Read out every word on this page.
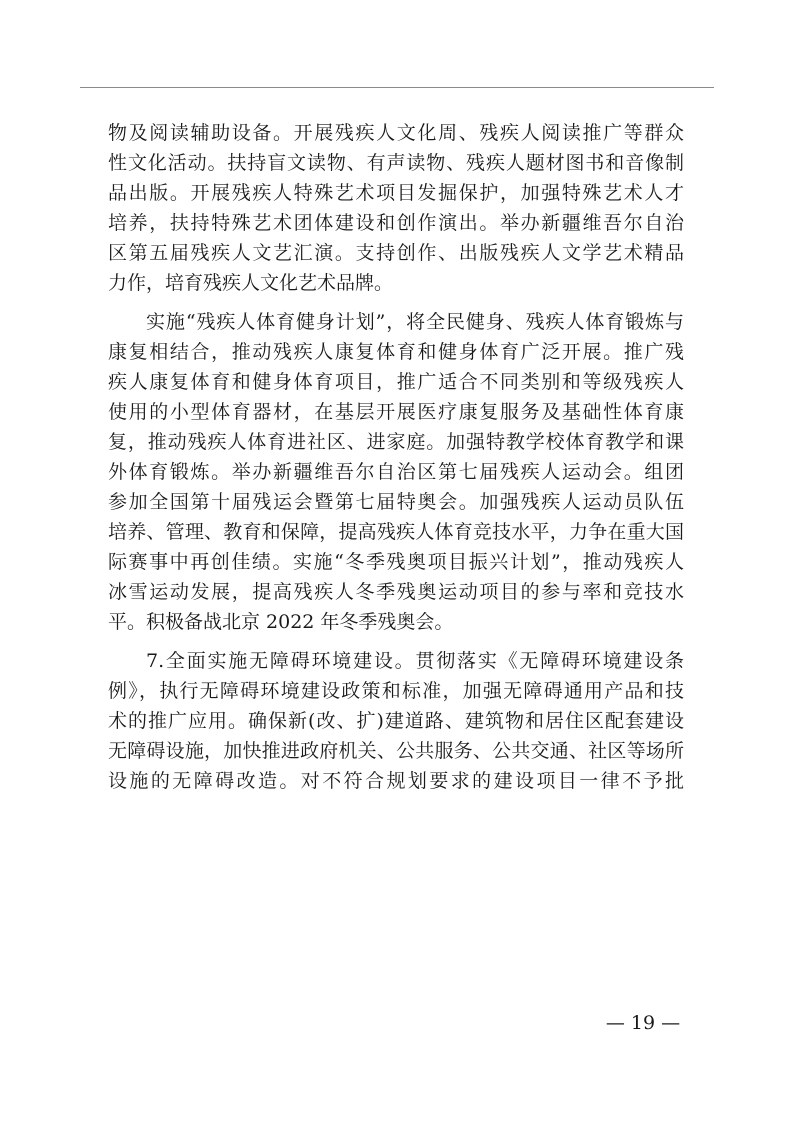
物及阅读辅助设备。开展残疾人文化周、残疾人阅读推广等群众
性文化活动。扶持盲文读物、有声读物、残疾人题材图书和音像制
品出版。开展残疾人特殊艺术项目发掘保护，加强特殊艺术人才
培养，扶持特殊艺术团体建设和创作演出。举办新疆维吾尔自治
区第五届残疾人文艺汇演。支持创作、出版残疾人文学艺术精品
力作，培育残疾人文化艺术品牌。
实施“残疾人体育健身计划”，将全民健身、残疾人体育锻炼与
康复相结合，推动残疾人康复体育和健身体育广泛开展。推广残
疾人康复体育和健身体育项目，推广适合不同类别和等级残疾人
使用的小型体育器材，在基层开展医疗康复服务及基础性体育康
复，推动残疾人体育进社区、进家庭。加强特教学校体育教学和课
外体育锻炼。举办新疆维吾尔自治区第七届残疾人运动会。组团
参加全国第十届残运会暨第七届特奥会。加强残疾人运动员队伍
培养、管理、教育和保障，提高残疾人体育竞技水平，力争在重大国
际赛事中再创佳绩。实施“冬季残奥项目振兴计划”，推动残疾人
冰雪运动发展，提高残疾人冬季残奥运动项目的参与率和竞技水
平。积极备战北京 2022 年冬季残奥会。
7.全面实施无障碍环境建设。贯彻落实《无障碍环境建设条
例》，执行无障碍环境建设政策和标准，加强无障碍通用产品和技
术的推广应用。确保新(改、扩)建道路、建筑物和居住区配套建设
无障碍设施，加快推进政府机关、公共服务、公共交通、社区等场所
设施的无障碍改造。对不符合规划要求的建设项目一律不予批
— 19 —
